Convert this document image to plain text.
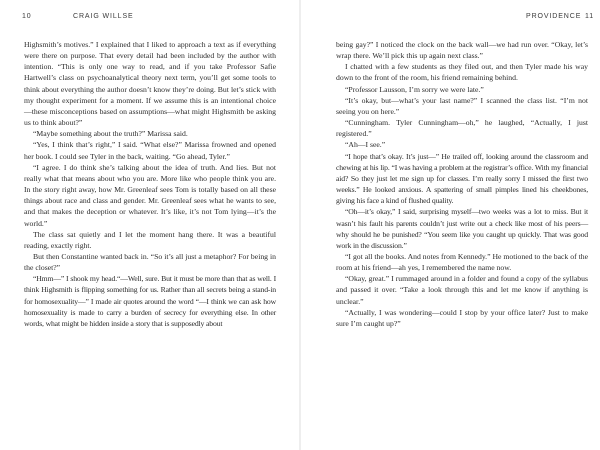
10	CRAIG WILLSE

Highsmith’s motives.” I explained that I liked to approach a text as if everything were there on purpose. That every detail had been included by the author with intention. “This is only one way to read, and if you take Professor Safie Hartwell’s class on psychoanalytical theory next term, you’ll get some tools to think about everything the author doesn’t know they’re doing. But let’s stick with my thought experiment for a moment. If we assume this is an intentional choice—these misconceptions based on assumptions—what might Highsmith be asking us to think about?”

“Maybe something about the truth?” Marissa said.

“Yes, I think that’s right,” I said. “What else?” Marissa frowned and opened her book. I could see Tyler in the back, waiting. “Go ahead, Tyler.”

“I agree. I do think she’s talking about the idea of truth. And lies. But not really what that means about who you are. More like who people think you are. In the story right away, how Mr. Greenleaf sees Tom is totally based on all these things about race and class and gender. Mr. Greenleaf sees what he wants to see, and that makes the deception or whatever. It’s like, it’s not Tom lying—it’s the world.”

The class sat quietly and I let the moment hang there. It was a beautiful reading, exactly right.

But then Constantine wanted back in. “So it’s all just a metaphor? For being in the closet?”

“Hmm—” I shook my head.“—Well, sure. But it must be more than that as well. I think Highsmith is flipping something for us. Rather than all secrets being a stand-in for homosexuality—” I made air quotes around the word “—I think we can ask how homosexuality is made to carry a burden of secrecy for everything else. In other words, what might be hidden inside a story that is supposedly about

PROVIDENCE 11

being gay?” I noticed the clock on the back wall—we had run over. “Okay, let’s wrap there. We’ll pick this up again next class.”

I chatted with a few students as they filed out, and then Tyler made his way down to the front of the room, his friend remaining behind.

“Professor Lausson, I’m sorry we were late.”

“It’s okay, but—what’s your last name?” I scanned the class list. “I’m not seeing you on here.”

“Cunningham. Tyler Cunningham—oh,” he laughed, “Actually, I just registered.”

“Ah—I see.”

“I hope that’s okay. It’s just—” He trailed off, looking around the classroom and chewing at his lip. “I was having a problem at the registrar’s office. With my financial aid? So they just let me sign up for classes. I’m really sorry I missed the first two weeks.” He looked anxious. A spattering of small pimples lined his cheekbones, giving his face a kind of flushed quality.

“Oh—it’s okay,” I said, surprising myself—two weeks was a lot to miss. But it wasn’t his fault his parents couldn’t just write out a check like most of his peers—why should he be punished? “You seem like you caught up quickly. That was good work in the discussion.”

“I got all the books. And notes from Kennedy.” He motioned to the back of the room at his friend—ah yes, I remembered the name now.

“Okay, great.” I rummaged around in a folder and found a copy of the syllabus and passed it over. “Take a look through this and let me know if anything is unclear.”

“Actually, I was wondering—could I stop by your office later? Just to make sure I’m caught up?”
